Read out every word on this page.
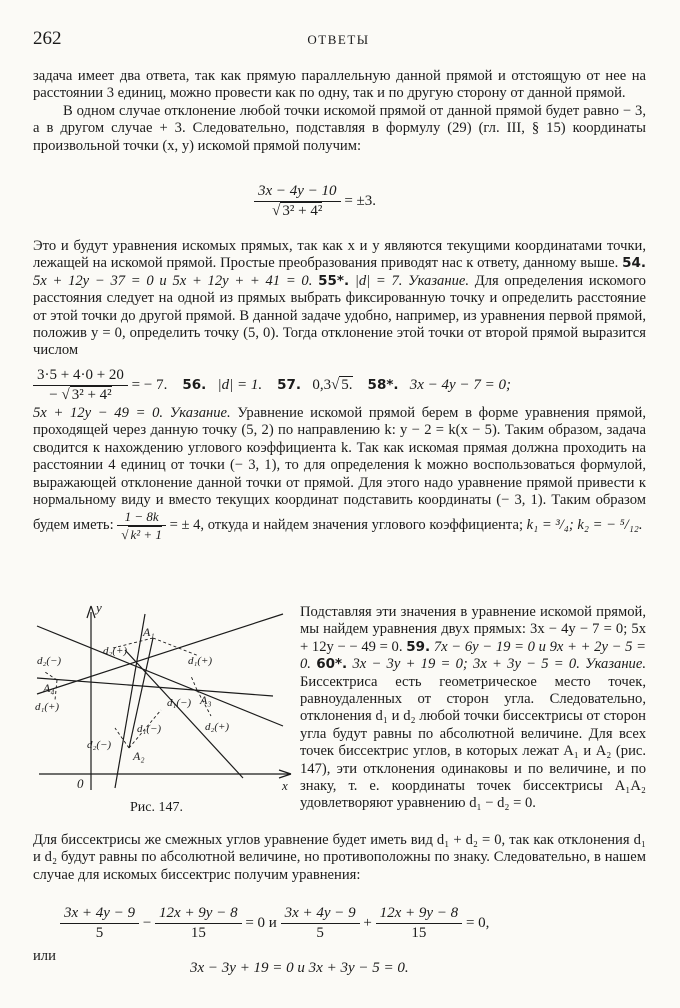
262	ОТВЕТЫ

задача имеет два ответа, так как прямую параллельную данной прямой и отстоящую от нее на расстоянии 3 единиц, можно провести как по одну, так и по другую сторону от данной прямой.

В одном случае отклонение любой точки искомой прямой от данной прямой будет равно − 3, а в другом случае + 3. Следовательно, подставляя в формулу (29) (гл. III, § 15) координаты произвольной точки (x, y) искомой прямой получим:

$\frac{3x - 4y - 10}{\text{√ 3² + 4²}} = \pm 3$.

Это и будут уравнения искомых прямых, так как x и y являются текущими координатами точки, лежащей на искомой прямой. Простые преобразования приводят нас к ответу, данному выше. 54. 5x + 12y − 37 = 0 и 5x + 12y + + 41 = 0. 55*. |d| = 7. Указание. Для определения искомого расстояния следует на одной из прямых выбрать фиксированную точку и определить расстояние от этой точки до другой прямой. В данной задаче удобно, например, из уравнения первой прямой, положив y = 0, определить точку (5, 0). Тогда отклонение этой точки от второй прямой выразится числом

$\frac{3\cdot 5 + 4\cdot 0 + 20}{\text{− √ 3² + 4²}}$ = − 7. 56. |d| = 1. 57. 0,3√ 5. 58*. 3x − 4y − 7 = 0;

5x + 12y − 49 = 0. Указание. Уравнение искомой прямой берем в форме уравнения прямой, проходящей через данную точку (5, 2) по направлению k: y − 2 = k(x − 5). Таким образом, задача сводится к нахождению углового коэффициента k. Так как искомая прямая должна проходить на расстоянии 4 единиц от точки (− 3, 1), то для определения k можно воспользоваться формулой, выражающей отклонение данной точки от прямой. Для этого надо уравнение прямой привести к нормальному виду и вместо текущих координат подставить координаты (− 3, 1). Таким образом будем иметь: $\frac{1 - 8k}{\text{√ k² + 1}}$ = ± 4, откуда и найдем значения углового коэффициента; k₁ = ³/₄; k₂ = − ⁵/₁₂.

Подставляя эти значения в уравнение искомой прямой, мы найдем уравнения двух прямых: 3x − 4y − 7 = 0; 5x + 12y − − 49 = 0. 59. 7x − 6y − 19 = 0 и 9x + + 2y − 5 = 0. 60*. 3x − 3y + 19 = 0; 3x + 3y − 5 = 0. Указание. Биссектриса есть геометрическое место точек, равноудаленных от сторон угла. Следовательно, отклонения d₁ и d₂ любой точки биссектрисы от сторон угла будут равны по абсолютной величине. Для всех точек биссектрис углов, в которых лежат A₁ и A₂ (рис. 147), эти отклонения одинаковы и по величине, и по знаку, т. е. координаты точек биссектрисы A₁A₂ удовлетворяют уравнению d₁ − d₂ = 0.

y
x
0
A₁
A₂
A₃
A₄
d₂(+)
d₁(+)
d₂(−)
d₁(+)	d₁(−)
d₂(+)
d₂(−)
d₁(−)
Рис. 147.

Для биссектрисы же смежных углов уравнение будет иметь вид d₁ + d₂ = 0, так как отклонения d₁ и d₂ будут равны по абсолютной величине, но противоположны по знаку. Следовательно, в нашем случае для искомых биссектрис получим уравнения:

$\frac{3x + 4y - 9}{5} - \frac{12x + 9y - 8}{15} = 0$ и $\frac{3x + 4y - 9}{5} + \frac{12x + 9y - 8}{15} = 0$,
или
3x − 3y + 19 = 0 и 3x + 3y − 5 = 0.
